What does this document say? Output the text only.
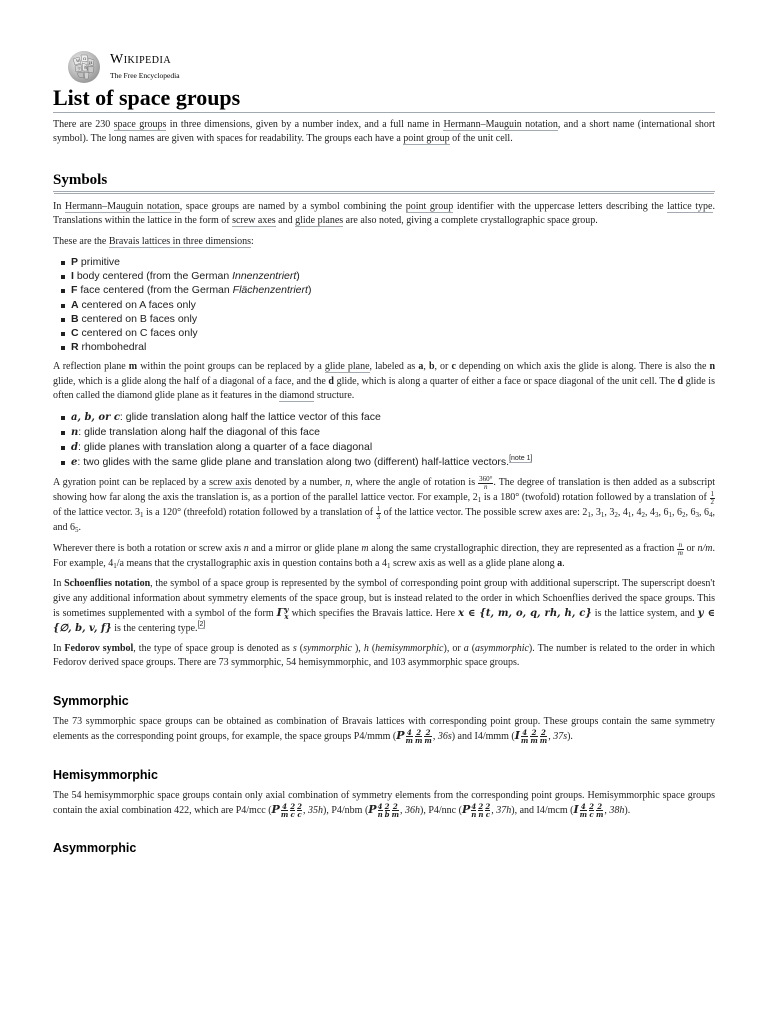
W Ω
И
ウ 維
Wikipedia
The Free Encyclopedia
List of space groups

There are 230 space groups in three dimensions, given by a number index, and a full name in Hermann–Mauguin notation, and a short name (international short symbol). The long names are given with spaces for readability. The groups each have a point group of the unit cell.

Symbols

In Hermann–Mauguin notation, space groups are named by a symbol combining the point group identifier with the uppercase letters describing the lattice type. Translations within the lattice in the form of screw axes and glide planes are also noted, giving a complete crystallographic space group.

These are the Bravais lattices in three dimensions:

P primitive
I body centered (from the German Innenzentriert)
F face centered (from the German Flächenzentriert)
A centered on A faces only
B centered on B faces only
C centered on C faces only
R rhombohedral

A reflection plane m within the point groups can be replaced by a glide plane, labeled as a, b, or c depending on which axis the glide is along. There is also the n glide, which is a glide along the half of a diagonal of a face, and the d glide, which is along a quarter of either a face or space diagonal of the unit cell. The d glide is often called the diamond glide plane as it features in the diamond structure.

a, b, or c: glide translation along half the lattice vector of this face
n: glide translation along half the diagonal of this face
d: glide planes with translation along a quarter of a face diagonal
e: two glides with the same glide plane and translation along two (different) half-lattice vectors.[note 1]

A gyration point can be replaced by a screw axis denoted by a number, n, where the angle of rotation is $\frac{360^\circ}{n}$ . The degree of translation is then added as a subscript showing how far along the axis the translation is, as a portion of the parallel lattice vector. For example, $2_1$ is a 180° (twofold) rotation followed by a translation of $\frac{1}{2}$
of the lattice vector. $3_1$ is a 120° (threefold) rotation followed by a translation of $\frac{1}{3}$ of the lattice vector. The possible screw axes are: $2_1$, $3_1$, $3_2$, $4_1$, $4_2$, $4_3$, $6_1$, $6_2$, $6_3$, $6_4$, and $6_5$.

Wherever there is both a rotation or screw axis n and a mirror or glide plane m along the same crystallographic direction, they are represented as a fraction $\frac{n}{m}$ or n/m. For example, $4_1/a$ means that the crystallographic axis in question contains both a $4_1$ screw axis as well as a glide plane along a.

In Schoenflies notation, the symbol of a space group is represented by the symbol of corresponding point group with additional superscript. The superscript doesn't give any additional information about symmetry elements of the space group, but is instead related to the order in which Schoenflies derived the space groups. This is sometimes supplemented with a symbol of the form Γ y
x which specifies the Bravais lattice. Here x ∈ {t, m, o, q, rh, h, c} is the lattice system, and y ∈ {∅, b, v, f} is the centering type.[2]

In Fedorov symbol, the type of space group is denoted as s (symmorphic ), h (hemisymmorphic), or a (asymmorphic). The number is related to the order in which Fedorov derived space groups. There are 73 symmorphic, 54 hemisymmorphic, and 103 asymmorphic space groups.

Symmorphic

The 73 symmorphic space groups can be obtained as combination of Bravais lattices with corresponding point group. These groups contain the same symmetry elements as the corresponding point groups, for example, the space groups P4/mmm ($P \frac{4}{m} \frac{2}{m} \frac{2}{m}$ , 36s) and I4/mmm ($I \frac{4}{m} \frac{2}{m} \frac{2}{m}$ , 37s).

Hemisymmorphic

The 54 hemisymmorphic space groups contain only axial combination of symmetry elements from the corresponding point groups. Hemisymmorphic space groups contain the axial combination 422, which are P4/mcc ($P \frac{4}{m} \frac{2}{c} \frac{2}{c}$ , 35h), P4/nbm ($P \frac{4}{n} \frac{2}{b} \frac{2}{m}$ , 36h), P4/nnc ($P \frac{4}{n} \frac{2}{n} \frac{2}{c}$ , 37h), and I4/mcm ($I \frac{4}{m} \frac{2}{c} \frac{2}{m}$ , 38h).

Asymmorphic
